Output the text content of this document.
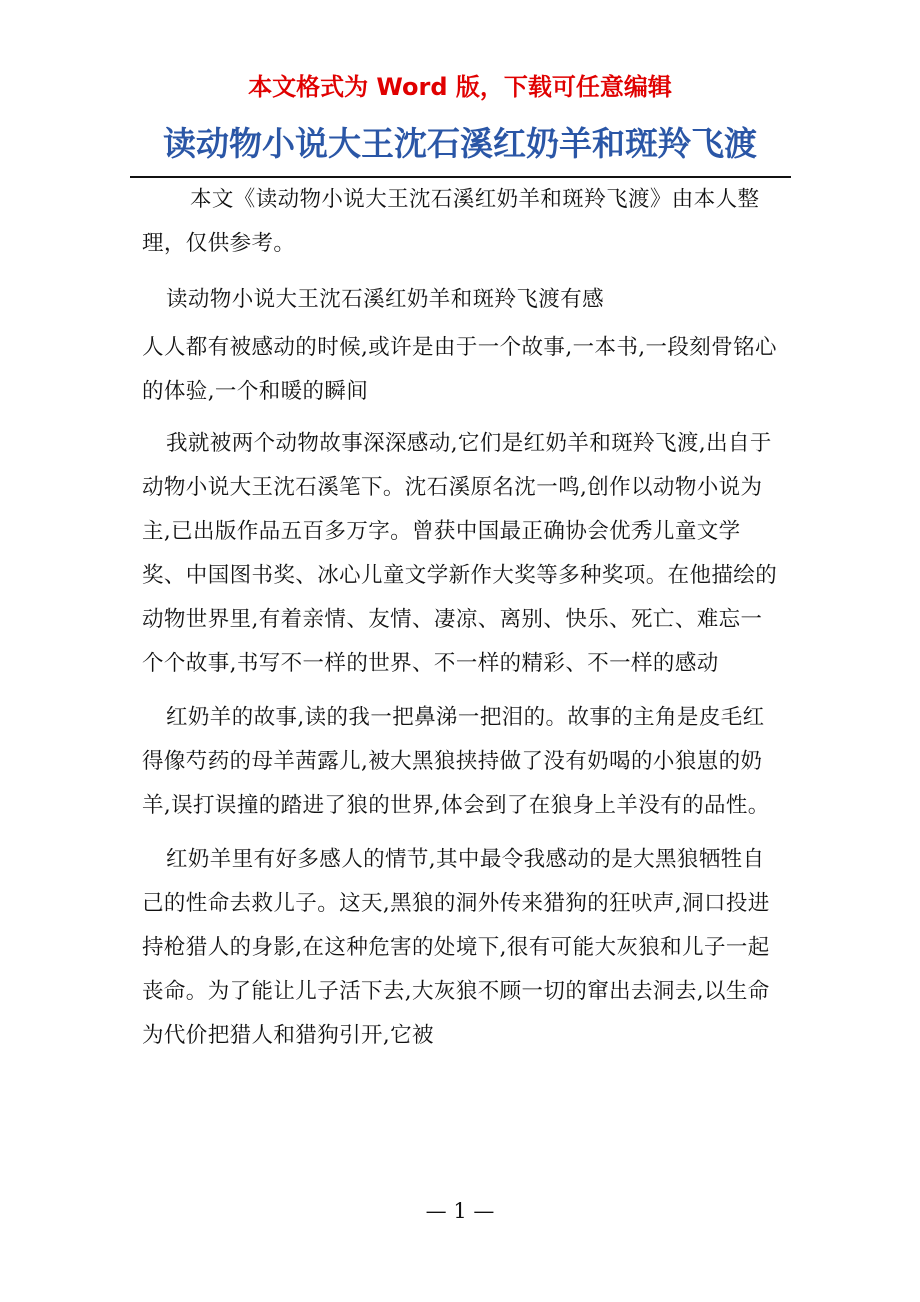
本文格式为 Word 版，下载可任意编辑
读动物小说大王沈石溪红奶羊和斑羚飞渡

本文《读动物小说大王沈石溪红奶羊和斑羚飞渡》由本人整理，仅供参考。

读动物小说大王沈石溪红奶羊和斑羚飞渡有感

人人都有被感动的时候,或许是由于一个故事,一本书,一段刻骨铭心的体验,一个和暖的瞬间

我就被两个动物故事深深感动,它们是红奶羊和斑羚飞渡,出自于动物小说大王沈石溪笔下。沈石溪原名沈一鸣,创作以动物小说为主,已出版作品五百多万字。曾获中国最正确协会优秀儿童文学奖、中国图书奖、冰心儿童文学新作大奖等多种奖项。在他描绘的动物世界里,有着亲情、友情、凄凉、离别、快乐、死亡、难忘一个个故事,书写不一样的世界、不一样的精彩、不一样的感动

红奶羊的故事,读的我一把鼻涕一把泪的。故事的主角是皮毛红得像芍药的母羊茜露儿,被大黑狼挟持做了没有奶喝的小狼崽的奶羊,误打误撞的踏进了狼的世界,体会到了在狼身上羊没有的品性。

红奶羊里有好多感人的情节,其中最令我感动的是大黑狼牺牲自己的性命去救儿子。这天,黑狼的洞外传来猎狗的狂吠声,洞口投进持枪猎人的身影,在这种危害的处境下,很有可能大灰狼和儿子一起丧命。为了能让儿子活下去,大灰狼不顾一切的窜出去洞去,以生命为代价把猎人和猎狗引开,它被

— 1 —
